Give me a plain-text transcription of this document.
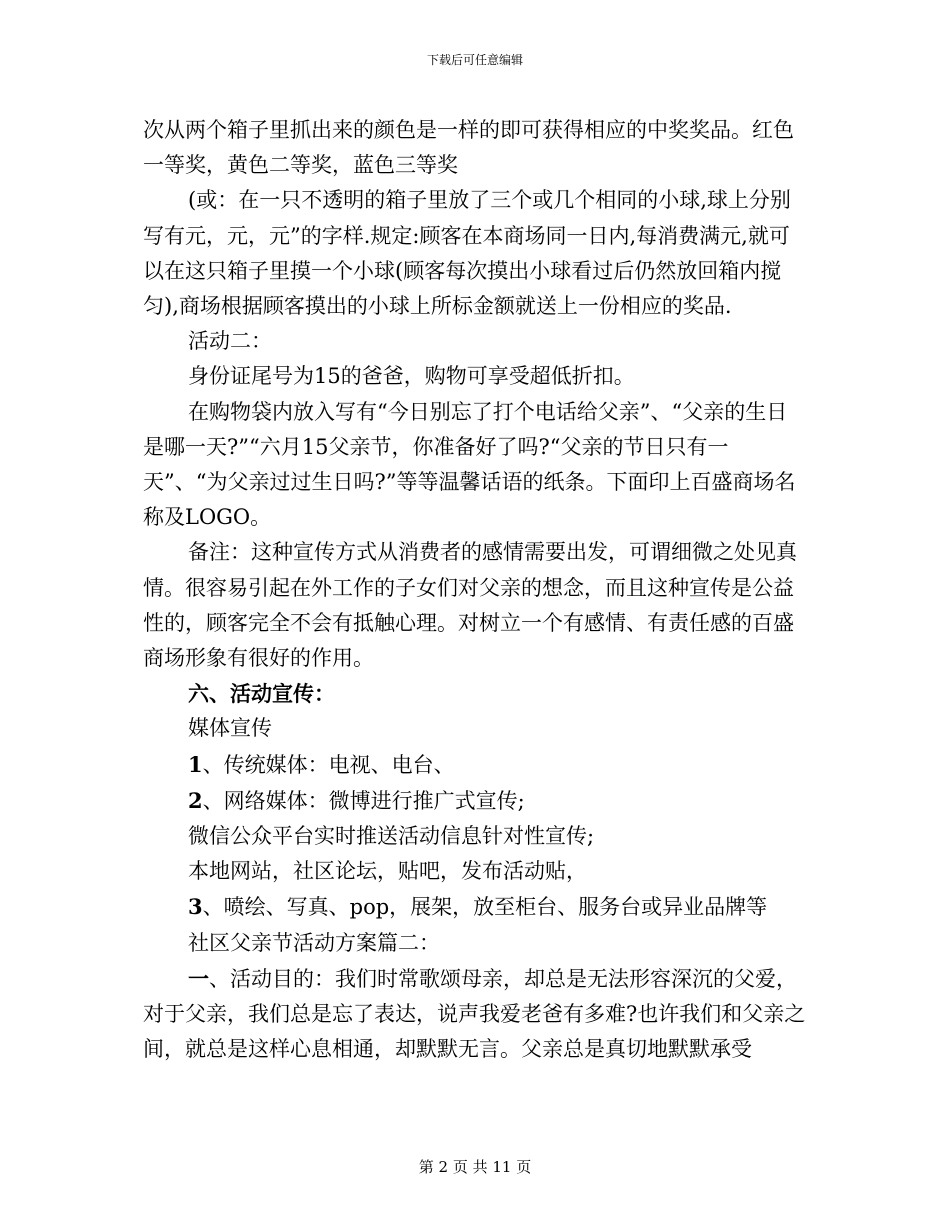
下载后可任意编辑

次从两个箱子里抓出来的颜色是一样的即可获得相应的中奖奖品。红色一等奖，黄色二等奖，蓝色三等奖

(或：在一只不透明的箱子里放了三个或几个相同的小球,球上分别写有元，元，元”的字样.规定:顾客在本商场同一日内,每消费满元,就可以在这只箱子里摸一个小球(顾客每次摸出小球看过后仍然放回箱内搅匀),商场根据顾客摸出的小球上所标金额就送上一份相应的奖品.

活动二：

身份证尾号为15的爸爸，购物可享受超低折扣。

在购物袋内放入写有“今日别忘了打个电话给父亲”、“父亲的生日是哪一天?”“六月15父亲节，你准备好了吗?“父亲的节日只有一天”、“为父亲过过生日吗?”等等温馨话语的纸条。下面印上百盛商场名称及LOGO。

备注：这种宣传方式从消费者的感情需要出发，可谓细微之处见真情。很容易引起在外工作的子女们对父亲的想念，而且这种宣传是公益性的，顾客完全不会有抵触心理。对树立一个有感情、有责任感的百盛商场形象有很好的作用。

六、活动宣传：

媒体宣传

1、传统媒体：电视、电台、

2、网络媒体：微博进行推广式宣传;

微信公众平台实时推送活动信息针对性宣传;

本地网站，社区论坛，贴吧，发布活动贴，

3、喷绘、写真、pop，展架，放至柜台、服务台或异业品牌等

社区父亲节活动方案篇二：

一、活动目的：我们时常歌颂母亲，却总是无法形容深沉的父爱，对于父亲，我们总是忘了表达，说声我爱老爸有多难?也许我们和父亲之间，就总是这样心息相通，却默默无言。父亲总是真切地默默承受

第 2 页 共 11 页
